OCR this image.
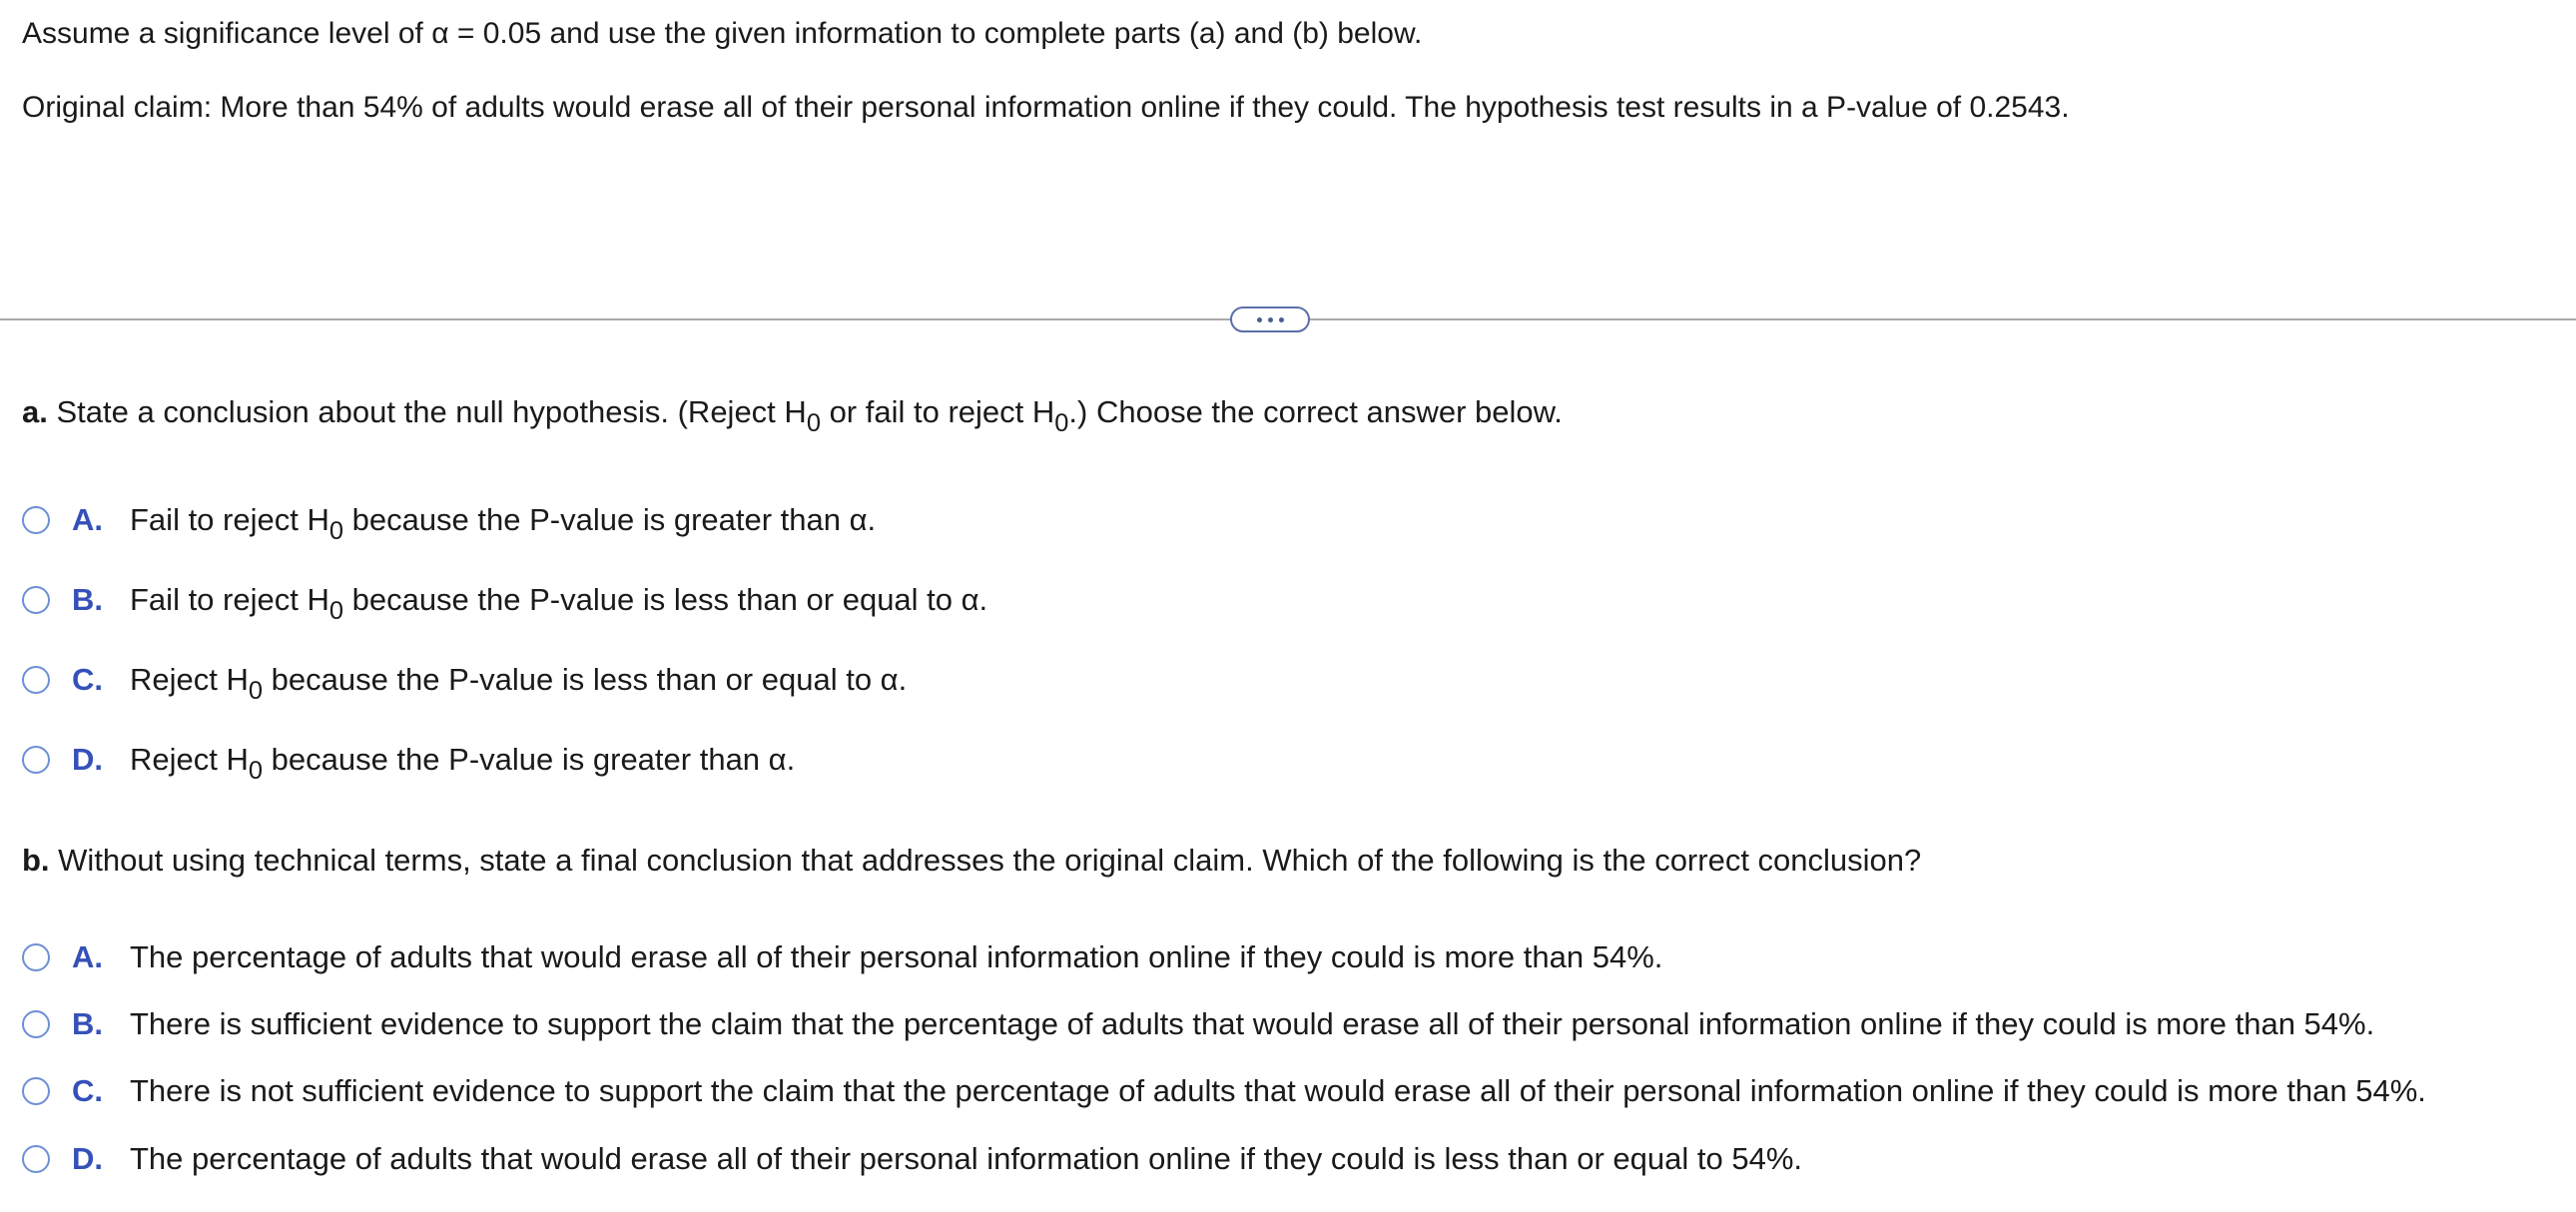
Assume a significance level of α = 0.05 and use the given information to complete parts (a) and (b) below.
Original claim: More than 54% of adults would erase all of their personal information online if they could. The hypothesis test results in a P-value of 0.2543.
a. State a conclusion about the null hypothesis. (Reject $H_0$ or fail to reject $H_0$.) Choose the correct answer below.
A. Fail to reject $H_0$ because the P-value is greater than α.
B. Fail to reject $H_0$ because the P-value is less than or equal to α.
C. Reject $H_0$ because the P-value is less than or equal to α.
D. Reject $H_0$ because the P-value is greater than α.
b. Without using technical terms, state a final conclusion that addresses the original claim. Which of the following is the correct conclusion?
A. The percentage of adults that would erase all of their personal information online if they could is more than 54%.
B. There is sufficient evidence to support the claim that the percentage of adults that would erase all of their personal information online if they could is more than 54%.
C. There is not sufficient evidence to support the claim that the percentage of adults that would erase all of their personal information online if they could is more than 54%.
D. The percentage of adults that would erase all of their personal information online if they could is less than or equal to 54%.
